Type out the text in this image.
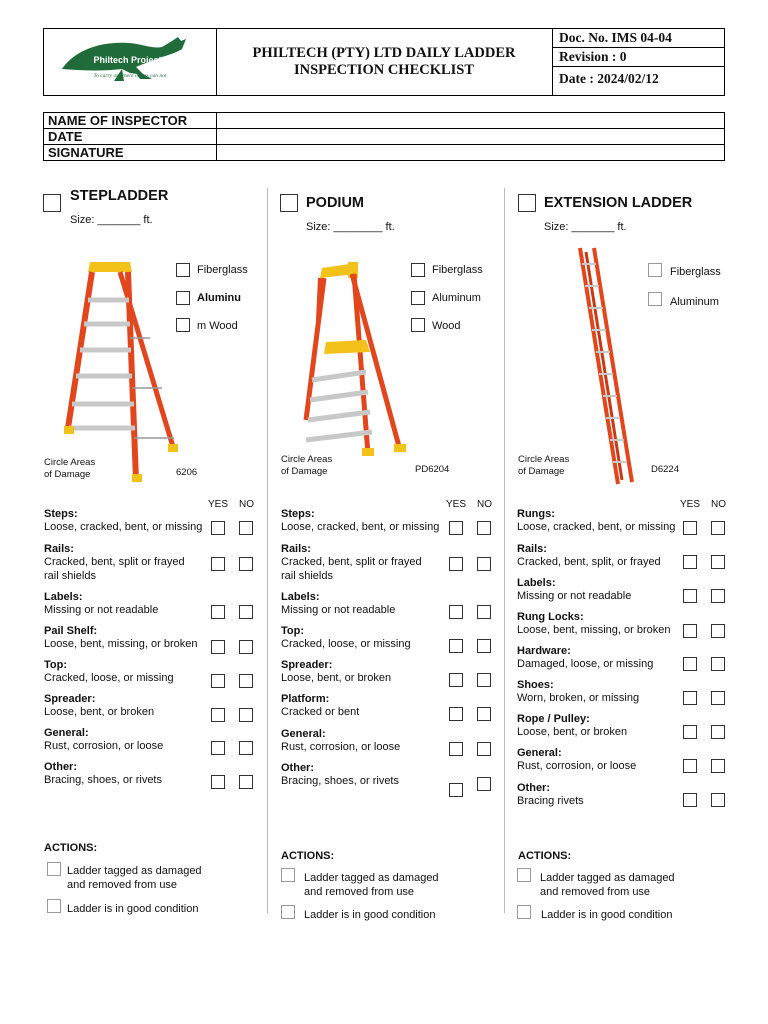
Philtech Projects
To carry on where others can not
PHILTECH (PTY) LTD DAILY LADDER
INSPECTION CHECKLIST
Doc. No. IMS 04-04
Revision : 0
Date : 2024/02/12
NAME OF INSPECTOR	
DATE	
SIGNATURE	
STEPLADDER
Size: _______ ft.
Fiberglass
Aluminu
m Wood
Circle Areas
of Damage	6206
YES NO
Steps:
Loose, cracked, bent, or missing
Rails:
Cracked, bent, split or frayed
rail shields
Labels:
Missing or not readable
Pail Shelf:
Loose, bent, missing, or broken
Top:
Cracked, loose, or missing
Spreader:
Loose, bent, or broken
General:
Rust, corrosion, or loose
Other:
Bracing, shoes, or rivets
ACTIONS:
Ladder tagged as damaged
and removed from use
Ladder is in good condition
PODIUM
Size: ________ ft.
Fiberglass
Aluminum
Wood
Circle Areas
of Damage	PD6204
YES NO
Steps:
Loose, cracked, bent, or missing
Rails:
Cracked, bent, split or frayed
rail shields
Labels:
Missing or not readable
Top:
Cracked, loose, or missing
Spreader:
Loose, bent, or broken
Platform:
Cracked or bent
General:
Rust, corrosion, or loose
Other:
Bracing, shoes, or rivets
ACTIONS:
Ladder tagged as damaged
and removed from use
Ladder is in good condition
EXTENSION LADDER
Size: _______ ft.
Fiberglass
Aluminum
Circle Areas
of Damage	D6224
YES NO
Rungs:
Loose, cracked, bent, or missing
Rails:
Cracked, bent, split, or frayed
Labels:
Missing or not readable
Rung Locks:
Loose, bent, missing, or broken
Hardware:
Damaged, loose, or missing
Shoes:
Worn, broken, or missing
Rope / Pulley:
Loose, bent, or broken
General:
Rust, corrosion, or loose
Other:
Bracing rivets
ACTIONS:
Ladder tagged as damaged
and removed from use
Ladder is in good condition
